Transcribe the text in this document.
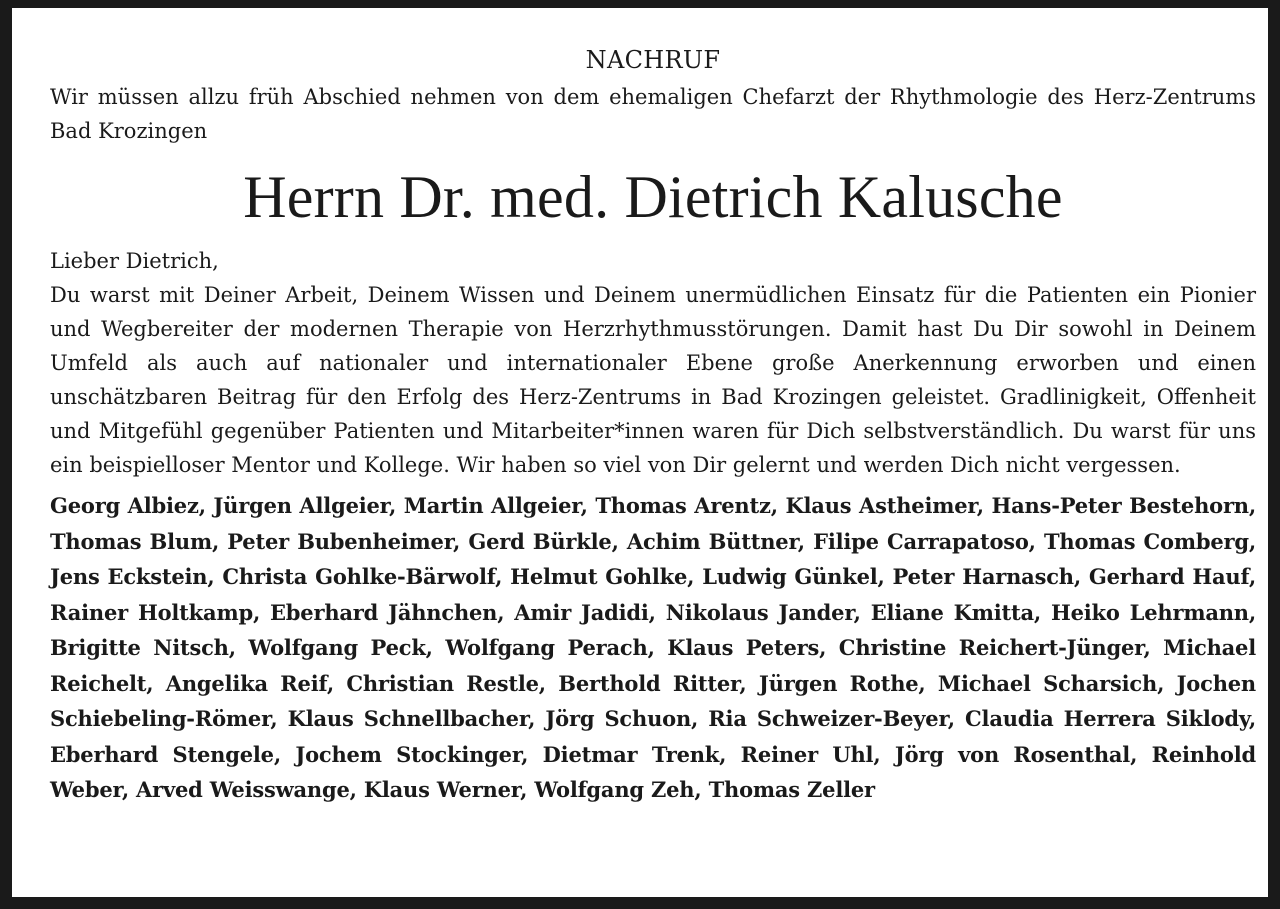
NACHRUF

Wir müssen allzu früh Abschied nehmen von dem ehemaligen Chefarzt der Rhythmologie des Herz-Zentrums Bad Krozingen

Herrn Dr. med. Dietrich Kalusche

Lieber Dietrich,

Du warst mit Deiner Arbeit, Deinem Wissen und Deinem unermüdlichen Einsatz für die Patienten ein Pionier und Wegbereiter der modernen Therapie von Herzrhythmusstörungen. Damit hast Du Dir sowohl in Deinem Umfeld als auch auf nationaler und internationaler Ebene große Anerkennung erworben und einen unschätzbaren Beitrag für den Erfolg des Herz-Zentrums in Bad Krozingen geleistet. Gradlinigkeit, Offenheit und Mitgefühl gegenüber Patienten und Mitarbeiter*innen waren für Dich selbstverständlich. Du warst für uns ein beispielloser Mentor und Kollege. Wir haben so viel von Dir gelernt und werden Dich nicht vergessen.

Georg Albiez, Jürgen Allgeier, Martin Allgeier, Thomas Arentz, Klaus Astheimer, Hans-Peter Bestehorn, Thomas Blum, Peter Bubenheimer, Gerd Bürkle, Achim Büttner, Filipe Carrapatoso, Thomas Comberg, Jens Eckstein, Christa Gohlke-Bärwolf, Helmut Gohlke, Ludwig Günkel, Peter Harnasch, Gerhard Hauf, Rainer Holtkamp, Eberhard Jähnchen, Amir Jadidi, Nikolaus Jander, Eliane Kmitta, Heiko Lehrmann, Brigitte Nitsch, Wolfgang Peck, Wolfgang Perach, Klaus Peters, Christine Reichert-Jünger, Michael Reichelt, Angelika Reif, Christian Restle, Berthold Ritter, Jürgen Rothe, Michael Scharsich, Jochen Schiebeling-Römer, Klaus Schnellbacher, Jörg Schuon, Ria Schweizer-Beyer, Claudia Herrera Siklody, Eberhard Stengele, Jochem Stockinger, Dietmar Trenk, Reiner Uhl, Jörg von Rosenthal, Reinhold Weber, Arved Weisswange, Klaus Werner, Wolfgang Zeh, Thomas Zeller
